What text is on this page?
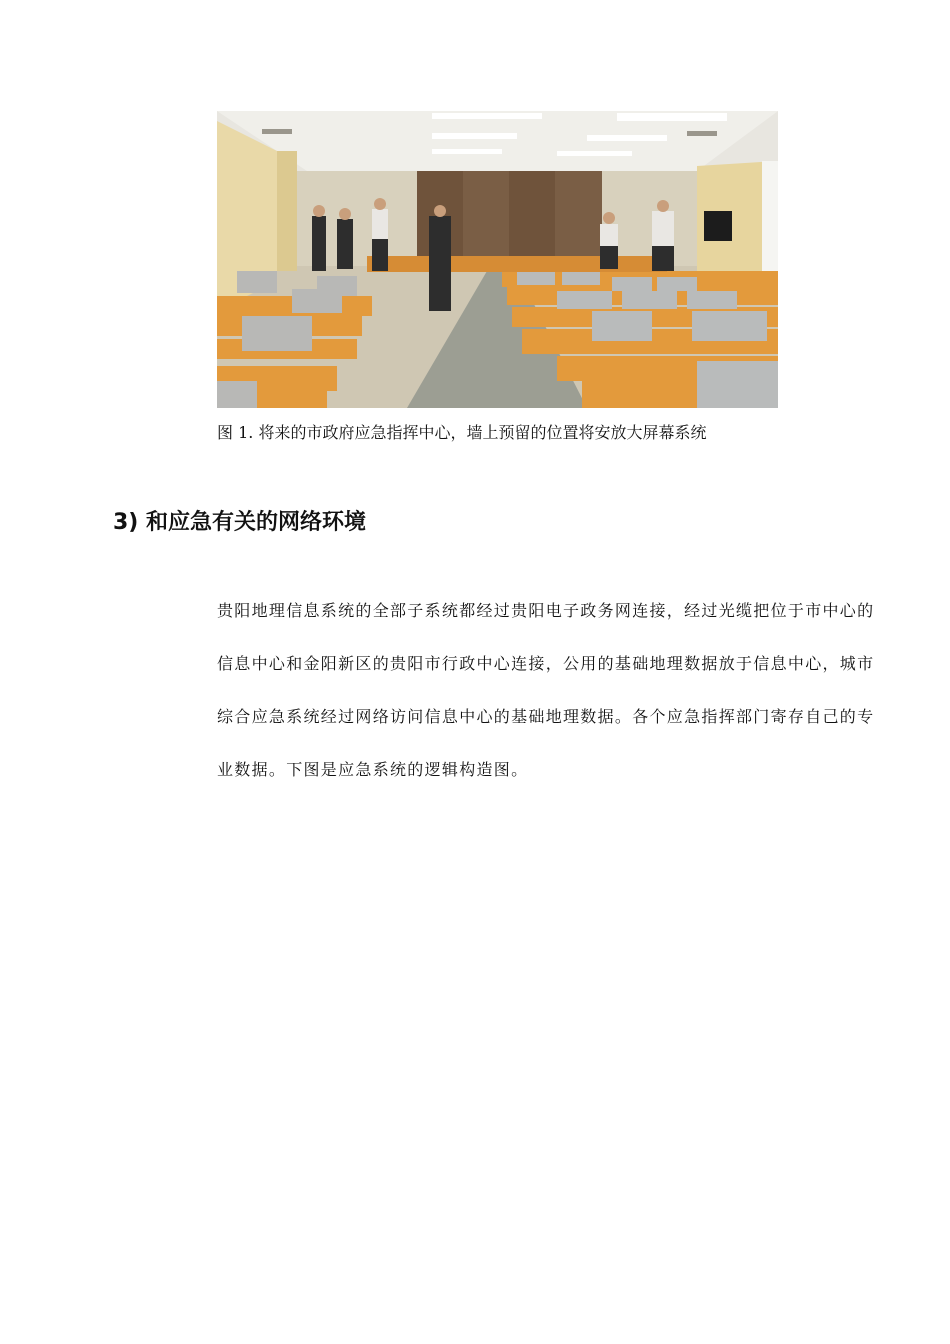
图 1. 将来的市政府应急指挥中心，墙上预留的位置将安放大屏幕系统
3) 和应急有关的网络环境
贵阳地理信息系统的全部子系统都经过贵阳电子政务网连接，经过光缆把位于市中心的信息中心和金阳新区的贵阳市行政中心连接，公用的基础地理数据放于信息中心，城市综合应急系统经过网络访问信息中心的基础地理数据。各个应急指挥部门寄存自己的专业数据。下图是应急系统的逻辑构造图。
